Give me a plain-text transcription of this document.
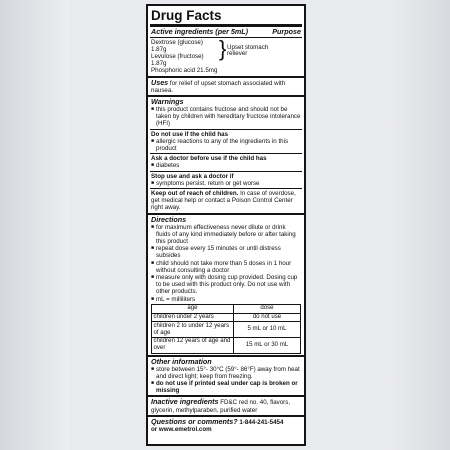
Drug Facts
Active ingredients (per 5mL)	Purpose
Dextrose (glucose) 1.87g
Levulose (fructose) 1.87g
Phosphoric acid 21.5mg
} Upset stomach reliever
Uses for relief of upset stomach associated with nausea.
Warnings
■ this product contains fructose and should not be taken by children with hereditary fructose intolerance (HFI)
Do not use if the child has
■ allergic reactions to any of the ingredients in this product
Ask a doctor before use if the child has
■ diabetes
Stop use and ask a doctor if
■ symptoms persist, return or get worse
Keep out of reach of children. In case of overdose, get medical help or contact a Poison Control Center right away.
Directions
■ for maximum effectiveness never dilute or drink fluids of any kind immediately before or after taking this product
■ repeat dose every 15 minutes or until distress subsides
■ child should not take more than 5 doses in 1 hour without consulting a doctor
■ measure only with dosing cup provided. Dosing cup to be used with this product only. Do not use with other products.
■ mL = milliliters
age	dose
children under 2 years	do not use
children 2 to under 12 years of age	5 mL or 10 mL
children 12 years of age and over	15 mL or 30 mL
Other information
■ store between 15°- 30°C (59°- 86°F) away from heat and direct light; keep from freezing.
■ do not use if printed seal under cap is broken or missing
Inactive ingredients FD&C red no. 40, flavors, glycerin, methylparaben, purified water
Questions or comments? 1-844-241-5454
or www.emetrol.com
